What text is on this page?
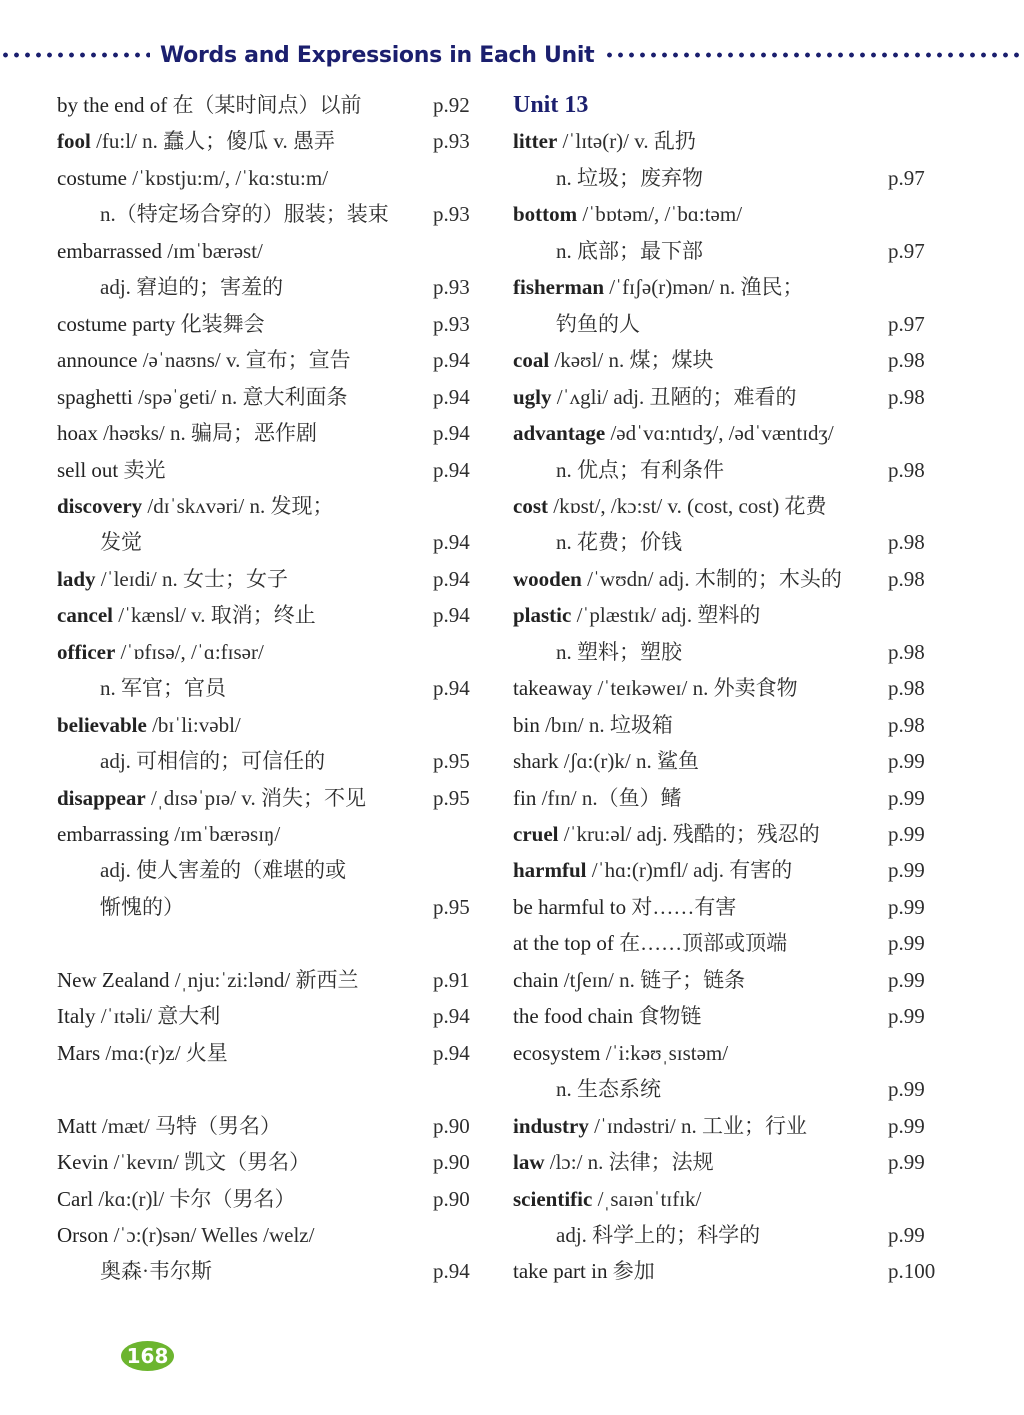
Words and Expressions in Each Unit
by the end of 在（某时间点）以前	p.92
fool /fu:l/ n. 蠢人；傻瓜 v. 愚弄	p.93
costume /ˈkɒstju:m/, /ˈkɑ:stu:m/
n.（特定场合穿的）服装；装束 p.93
embarrassed /ɪmˈbærəst/
adj. 窘迫的；害羞的	p.93
costume party 化装舞会	p.93
announce /əˈnaʊns/ v. 宣布；宣告	p.94
spaghetti /spəˈgeti/ n. 意大利面条	p.94
hoax /həʊks/ n. 骗局；恶作剧	p.94
sell out 卖光	p.94
discovery /dɪˈskʌvəri/ n. 发现；
发觉	p.94
lady /ˈleɪdi/ n. 女士；女子	p.94
cancel /ˈkænsl/ v. 取消；终止	p.94
officer /ˈɒfɪsə/, /ˈɑ:fɪsər/
n. 军官；官员	p.94
believable /bɪˈli:vəbl/
adj. 可相信的；可信任的	p.95
disappear /ˌdɪsəˈpɪə/ v. 消失；不见	p.95
embarrassing /ɪmˈbærəsɪŋ/
adj. 使人害羞的（难堪的或
惭愧的）	p.95
New Zealand /ˌnju:ˈzi:lənd/ 新西兰	p.91
Italy /ˈɪtəli/ 意大利	p.94
Mars /mɑ:(r)z/ 火星	p.94
Matt /mæt/ 马特（男名）	p.90
Kevin /ˈkevɪn/ 凯文（男名）	p.90
Carl /kɑ:(r)l/ 卡尔（男名）	p.90
Orson /ˈɔ:(r)sən/ Welles /welz/
奥森·韦尔斯	p.94
Unit 13
litter /ˈlɪtə(r)/ v. 乱扔
n. 垃圾；废弃物	p.97
bottom /ˈbɒtəm/, /ˈbɑ:təm/
n. 底部；最下部	p.97
fisherman /ˈfɪʃə(r)mən/ n. 渔民；
钓鱼的人	p.97
coal /kəʊl/ n. 煤；煤块	p.98
ugly /ˈʌgli/ adj. 丑陋的；难看的	p.98
advantage /ədˈvɑ:ntɪdʒ/, /ədˈvæntɪdʒ/
n. 优点；有利条件	p.98
cost /kɒst/, /kɔ:st/ v. (cost, cost) 花费
n. 花费；价钱	p.98
wooden /ˈwʊdn/ adj. 木制的；木头的 p.98
plastic /ˈplæstɪk/ adj. 塑料的
n. 塑料；塑胶	p.98
takeaway /ˈteɪkəweɪ/ n. 外卖食物	p.98
bin /bɪn/ n. 垃圾箱	p.98
shark /ʃɑ:(r)k/ n. 鲨鱼	p.99
fin /fɪn/ n.（鱼）鳍	p.99
cruel /ˈkru:əl/ adj. 残酷的；残忍的	p.99
harmful /ˈhɑ:(r)mfl/ adj. 有害的	p.99
be harmful to 对……有害	p.99
at the top of 在……顶部或顶端	p.99
chain /tʃeɪn/ n. 链子；链条	p.99
the food chain 食物链	p.99
ecosystem /ˈi:kəʊˌsɪstəm/
n. 生态系统	p.99
industry /ˈɪndəstri/ n. 工业；行业	p.99
law /lɔ:/ n. 法律；法规	p.99
scientific /ˌsaɪənˈtɪfɪk/
adj. 科学上的；科学的	p.99
take part in 参加	p.100
168
